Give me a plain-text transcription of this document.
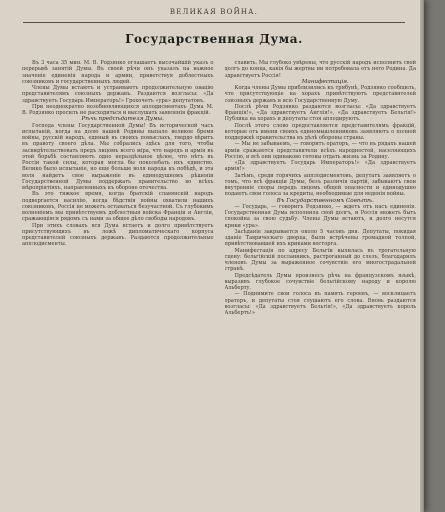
ВЕЛИКАЯ ВОЙНА.
Государственная Дума.

Въ 3 часа 35 мин. М. В. Родзянко оглашаетъ высочайшій указъ о перерывѣ занятій Думы. Въ своей рѣчи онъ указалъ на важное значеніе единенія народа и армии, приветствуя доблестныхъ союзниковъ и государственныхъ людей.

Члены Думы встаютъ и устраиваютъ продолжительную овацію представителямъ союзныхъ державъ. Раздаются возгласы: «Да здравствуетъ Государь Императоръ!» Грохочетъ «ура» депутатовъ.

При неоднократно возобновляющихся аплодисментахъ Дума М. В. Родзянко просилъ не расходиться и выслушать заявленія фракцій.

Рѣчь предсѣдателя Думы.

Господа члены Государственной Думы! Въ исторической часъ испытаній, когда на долю нашей Родины выпало великое бремя войны, русскій народъ, единый въ своихъ помыслахъ, твердо вѣритъ въ правоту своего дѣла. Мы собрались здѣсь для того, чтобы засвидѣтельствовать предъ лицомъ всего міра, что народъ и армія въ этой борьбѣ составляютъ одно нераздѣльное цѣлое, что нѣтъ въ Россіи такой силы, которая могла бы поколебать ихъ единство. Велико было испытаніе, но еще больше воля народа къ побѣдѣ, и эта воля найдетъ свое выраженіе въ единодушномъ рѣшеніи Государственной Думы поддержать правительство во всѣхъ мѣропріятіяхъ, направленныхъ къ обороне отечества.

Въ это тяжкое время, когда братскій славянскій народъ подвергается насилію, когда бѣдствія войны охватили нашихъ союзниковъ, Россія не можетъ оставаться безучастной. Съ глубокимъ волненіемъ мы привѣтствуемъ доблестныя войска Франціи и Англіи, сражающіяся рядомъ съ нами за общее дѣло свободы народовъ.

При этихъ словахъ вся Дума встаетъ и долго привѣтствуетъ присутствующихъ въ ложѣ дипломатическаго корпуса представителей союзныхъ державъ. Раздаются продолжительные апплодисменты.

славить. Мы глубоко увѣрены, что русскій народъ исполнитъ свой долгъ до конца, какія бы жертвы ни потребовала отъ него Родина. Да здравствуетъ Россія!

Манифестація.

Когда члены Думы приблизились къ трибунѣ, Родзянко сообщилъ, что присутствующіе на хорахъ привѣтствуютъ представителей союзныхъ державъ и всю Государственную Думу.

Послѣ рѣчи Родзянко раздаются возгласы: «Да здравствуетъ Франція!», «Да здравствуетъ Англія!», «Да здравствуетъ Бельгія!» Публика на хорахъ и депутаты стоя аплодируютъ.

Послѣ этого слово предоставляется представителямъ фракцій, которые отъ имени своихъ единомышленниковъ заявляютъ о полной поддержкѣ правительства въ дѣлѣ обороны страны.

— Мы не забываемъ, — говоритъ ораторъ, — что въ рядахъ нашей арміи сражаются представители всѣхъ народностей, населяющихъ Россію, и всѣ они одинаково готовы отдать жизнь за Родину.

«Да здравствуетъ Государь Императоръ!» «Да здравствуетъ армія!»

Затѣмъ, среди горячихъ апплодисментовъ, депутатъ заявляетъ о томъ, что всѣ фракціи Думы, безъ различія партій, забываютъ свои внутренніе споры передъ лицомъ общей опасности и единодушно подаютъ свои голоса за кредиты, необходимые для веденія войны.

Въ Государственномъ Совѣтѣ.

— Государь, — говоритъ Родзянко, — ждетъ отъ насъ единенія. Государственная Дума исполнила свой долгъ, и Россія можетъ быть спокойна за свою судьбу. Члены Думы встаютъ, и долго несутся крики «ура».

Засѣданіе закрывается около 5 часовъ дня. Депутаты, покидая зданіе Таврическаго дворца, были встрѣчены громадной толпой, привѣтствовавшей ихъ криками восторга.

Манифестація по адресу Бельгіи вылилась въ трогательную сцену: бельгійскій посланникъ, растроганный до слезъ, благодарилъ членовъ Думы за выраженное сочувствіе его многострадальной странѣ.

Предсѣдатель Думы произнесъ рѣчь на французскомъ языкѣ, выразивъ глубокое сочувствіе бельгійскому народу и королю Альберту.

— Поднимите свои голоса въ память героевъ, — восклицаетъ ораторъ, и депутаты стоя слушаютъ его слова. Вновь раздаются возгласы: «Да здравствуетъ Бельгія!», «Да здравствуетъ король Альбертъ!»
